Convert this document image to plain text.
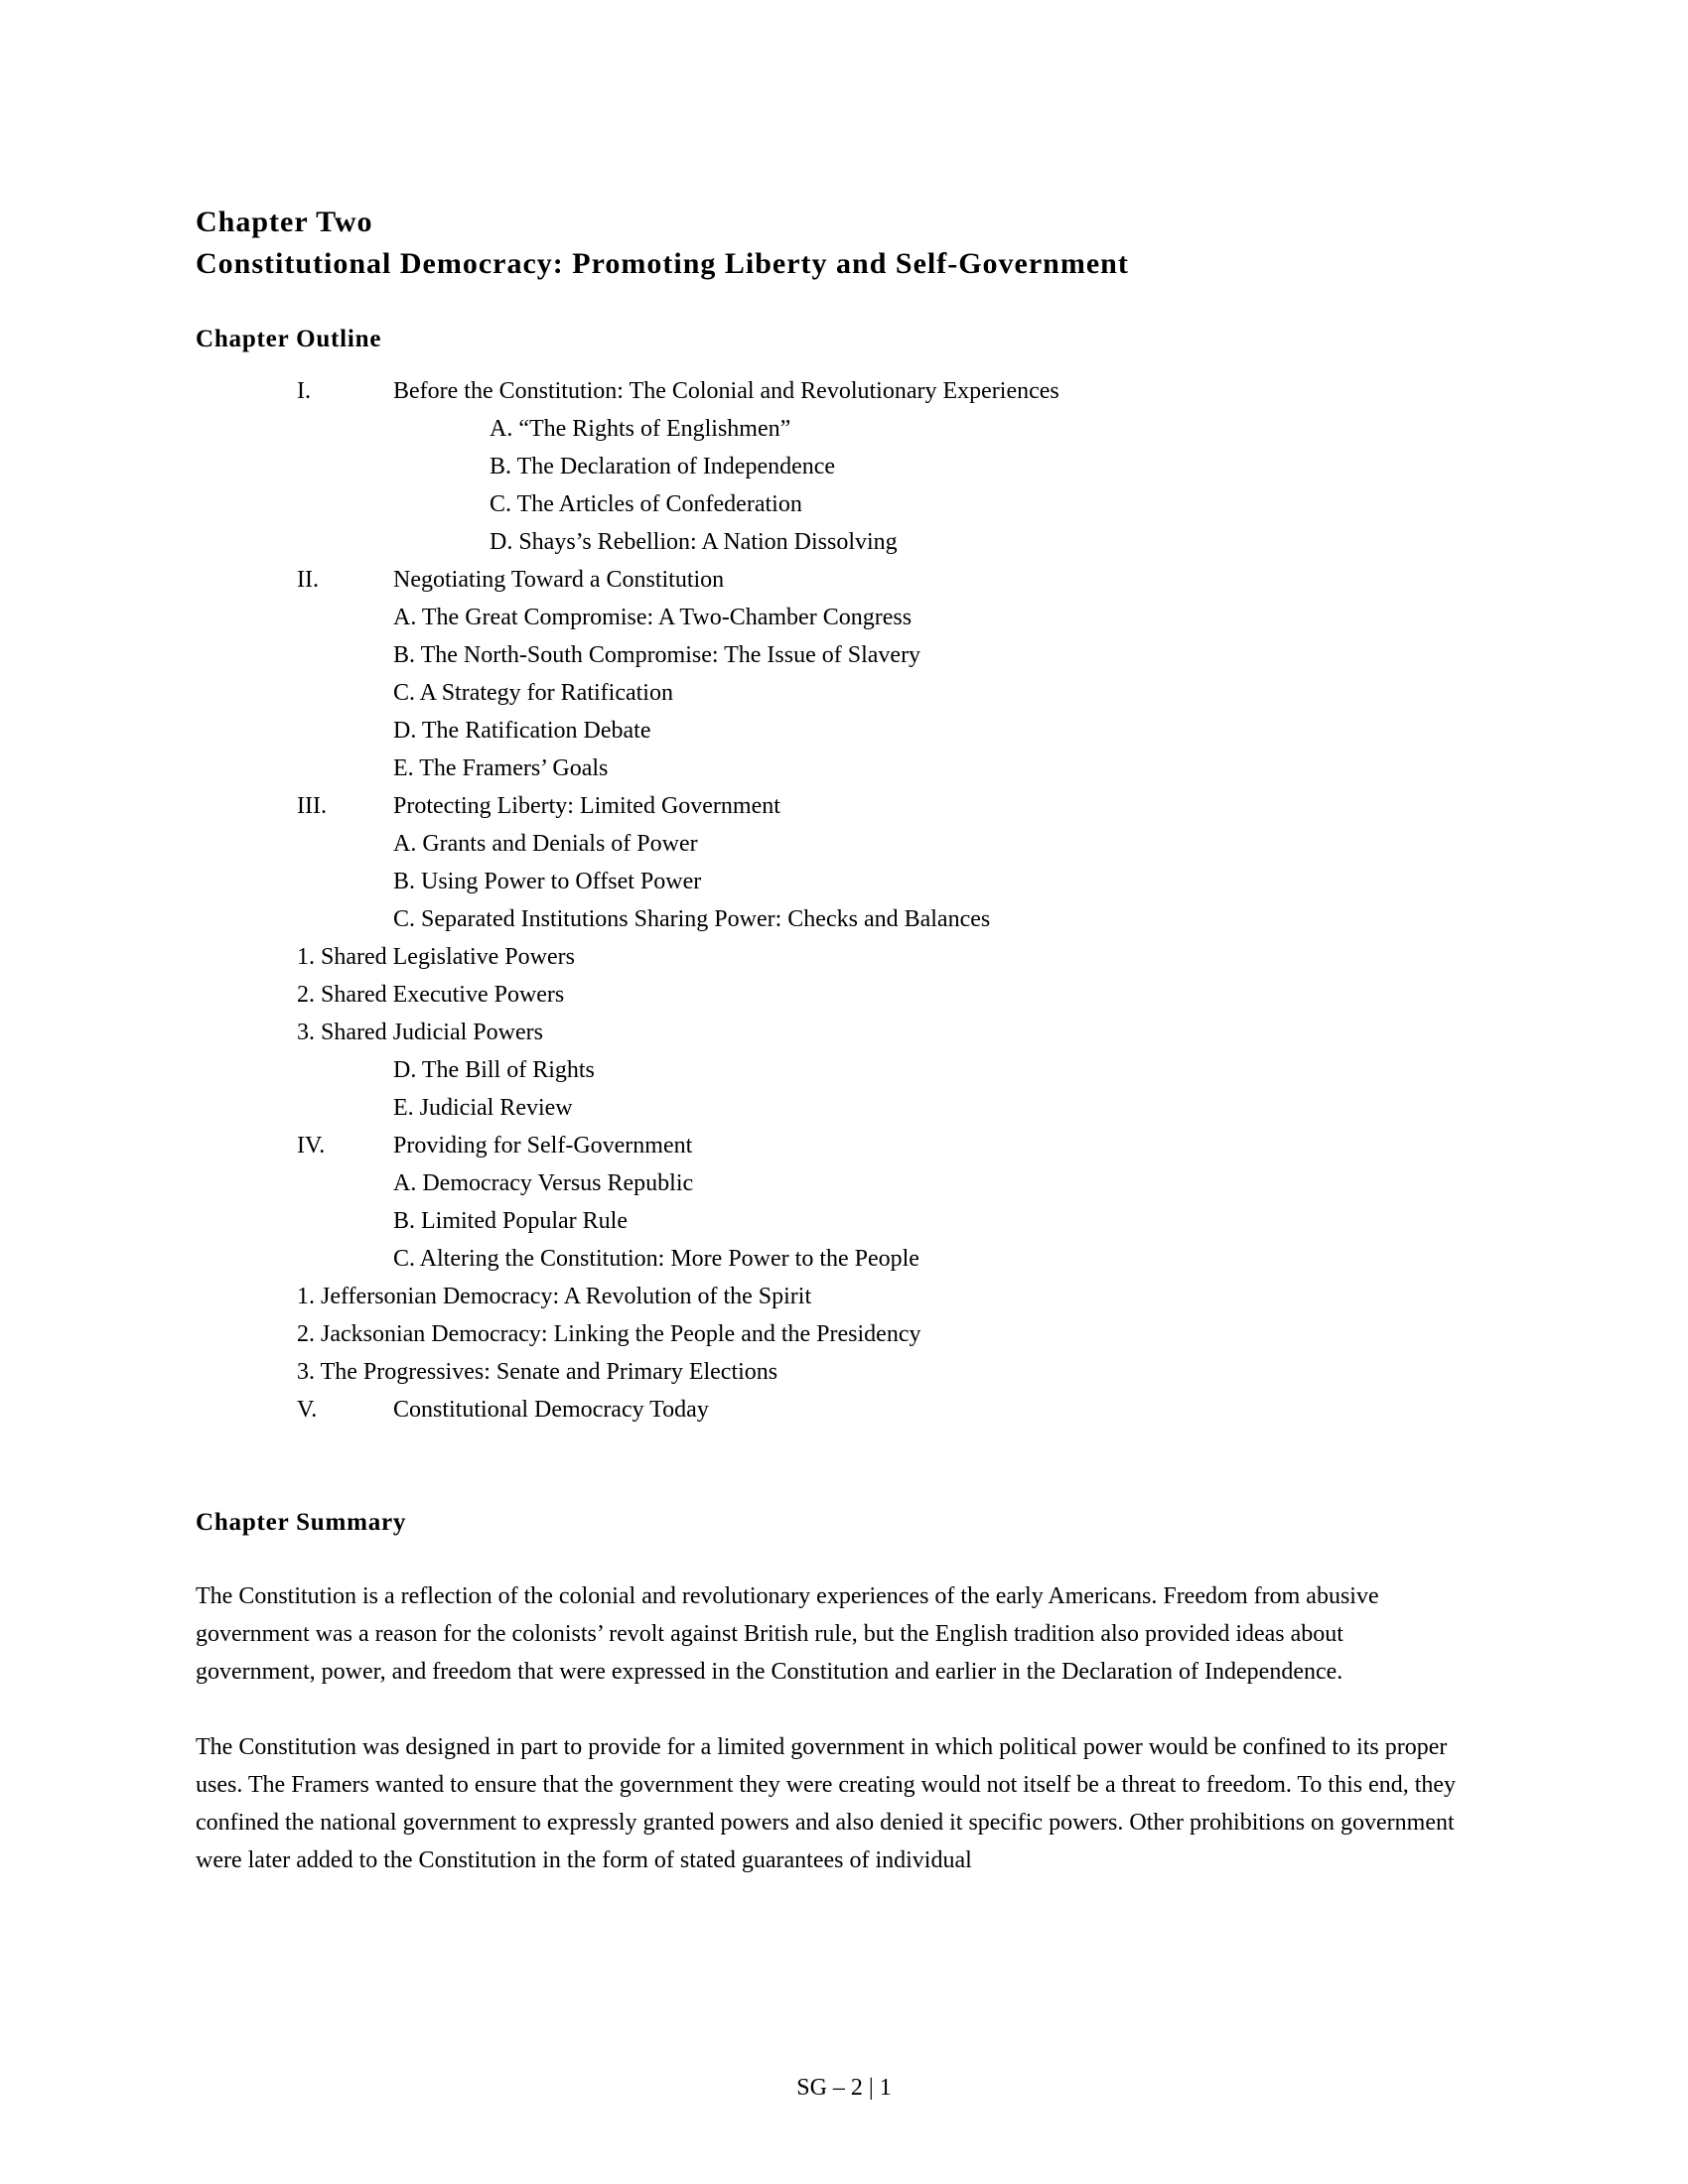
Chapter Two
Constitutional Democracy: Promoting Liberty and Self-Government
Chapter Outline
I.	Before the Constitution: The Colonial and Revolutionary Experiences
A. “The Rights of Englishmen”
B. The Declaration of Independence
C. The Articles of Confederation
D. Shays’s Rebellion: A Nation Dissolving
II.	Negotiating Toward a Constitution
A. The Great Compromise: A Two-Chamber Congress
B. The North-South Compromise: The Issue of Slavery
C. A Strategy for Ratification
D. The Ratification Debate
E. The Framers’ Goals
III.	Protecting Liberty: Limited Government
A. Grants and Denials of Power
B. Using Power to Offset Power
C. Separated Institutions Sharing Power: Checks and Balances
1. Shared Legislative Powers
2. Shared Executive Powers
3. Shared Judicial Powers
D. The Bill of Rights
E. Judicial Review
IV.	Providing for Self-Government
A. Democracy Versus Republic
B. Limited Popular Rule
C. Altering the Constitution: More Power to the People
1. Jeffersonian Democracy: A Revolution of the Spirit
2. Jacksonian Democracy: Linking the People and the Presidency
3. The Progressives: Senate and Primary Elections
V.	Constitutional Democracy Today
Chapter Summary

The Constitution is a reflection of the colonial and revolutionary experiences of the early Americans. Freedom from abusive government was a reason for the colonists’ revolt against British rule, but the English tradition also provided ideas about government, power, and freedom that were expressed in the Constitution and earlier in the Declaration of Independence.

The Constitution was designed in part to provide for a limited government in which political power would be confined to its proper uses. The Framers wanted to ensure that the government they were creating would not itself be a threat to freedom. To this end, they confined the national government to expressly granted powers and also denied it specific powers. Other prohibitions on government were later added to the Constitution in the form of stated guarantees of individual

SG – 2 | 1
